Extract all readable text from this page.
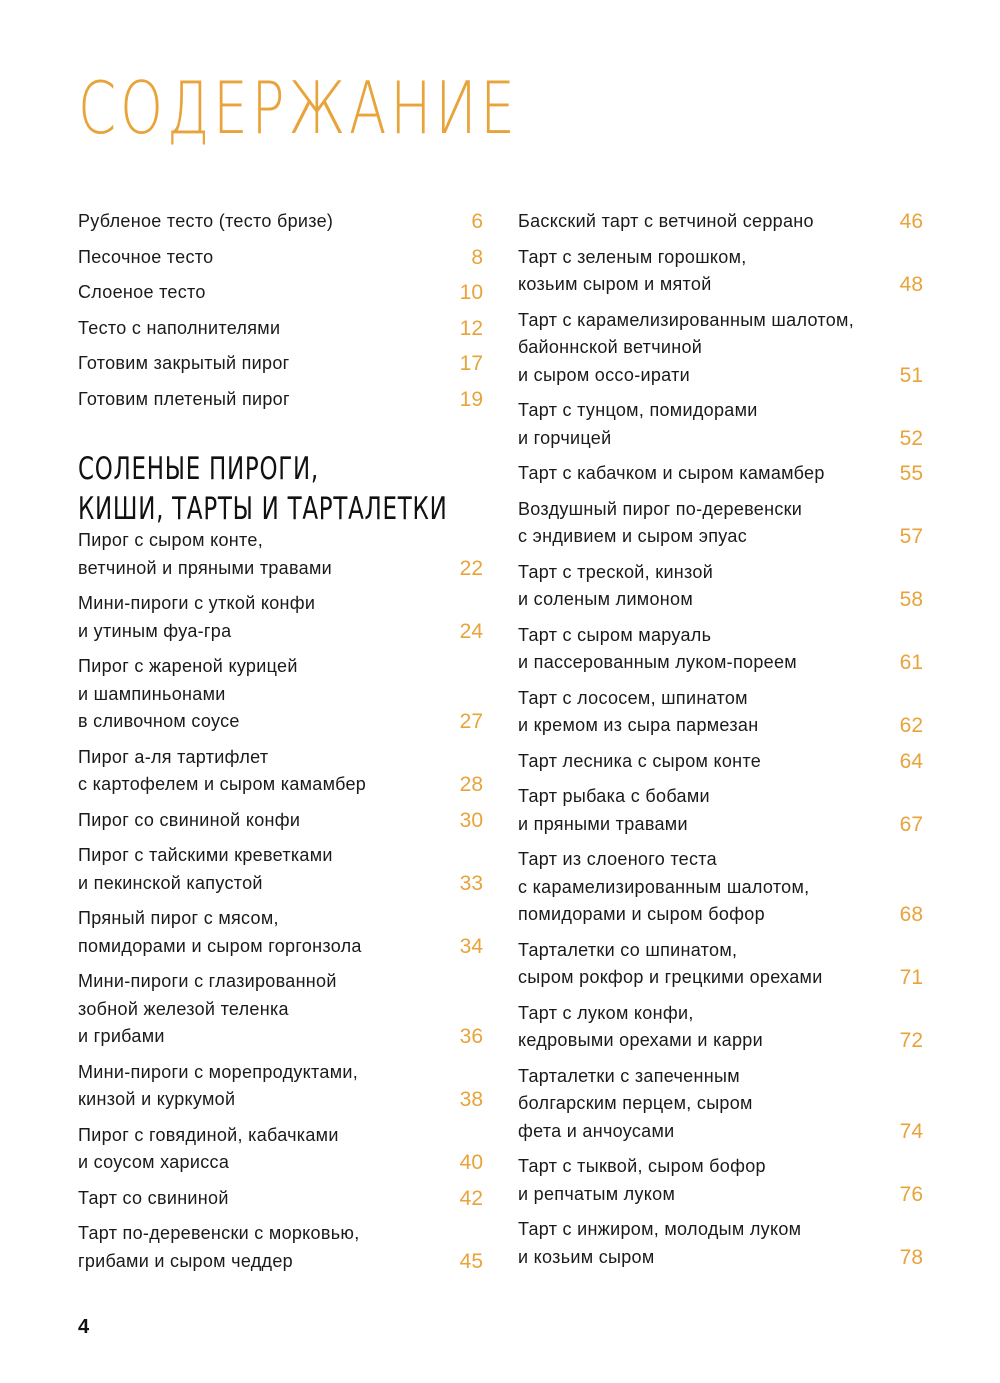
СОДЕРЖАНИЕ
Рубленое тесто (тесто бризе)	6
Песочное тесто	8
Слоеное тесто	10
Тесто с наполнителями	12
Готовим закрытый пирог	17
Готовим плетеный пирог	19
СОЛЕНЫЕ ПИРОГИ,
КИШИ, ТАРТЫ И ТАРТАЛЕТКИ
Пирог с сыром конте,
ветчиной и пряными травами	22
Мини-пироги с уткой конфи
и утиным фуа-гра	24
Пирог с жареной курицей
и шампиньонами
в сливочном соусе	27
Пирог а-ля тартифлет
с картофелем и сыром камамбер	28
Пирог со свининой конфи	30
Пирог с тайскими креветками
и пекинской капустой	33
Пряный пирог с мясом,
помидорами и сыром горгонзола	34
Мини-пироги с глазированной
зобной железой теленка
и грибами	36
Мини-пироги с морепродуктами,
кинзой и куркумой	38
Пирог с говядиной, кабачками
и соусом харисса	40
Тарт со свининой	42
Тарт по-деревенски с морковью,
грибами и сыром чеддер	45
Баскский тарт с ветчиной серрано	46
Тарт с зеленым горошком,
козьим сыром и мятой	48
Тарт с карамелизированным шалотом,
байоннской ветчиной
и сыром оссо-ирати	51
Тарт с тунцом, помидорами
и горчицей	52
Тарт с кабачком и сыром камамбер	55
Воздушный пирог по-деревенски
с эндивием и сыром эпуас	57
Тарт с треской, кинзой
и соленым лимоном	58
Тарт с сыром маруаль
и пассерованным луком-пореем	61
Тарт с лососем, шпинатом
и кремом из сыра пармезан	62
Тарт лесника с сыром конте	64
Тарт рыбака с бобами
и пряными травами	67
Тарт из слоеного теста
с карамелизированным шалотом,
помидорами и сыром бофор	68
Тарталетки со шпинатом,
сыром рокфор и грецкими орехами	71
Тарт с луком конфи,
кедровыми орехами и карри	72
Тарталетки с запеченным
болгарским перцем, сыром
фета и анчоусами	74
Тарт с тыквой, сыром бофор
и репчатым луком	76
Тарт с инжиром, молодым луком
и козьим сыром	78
4
